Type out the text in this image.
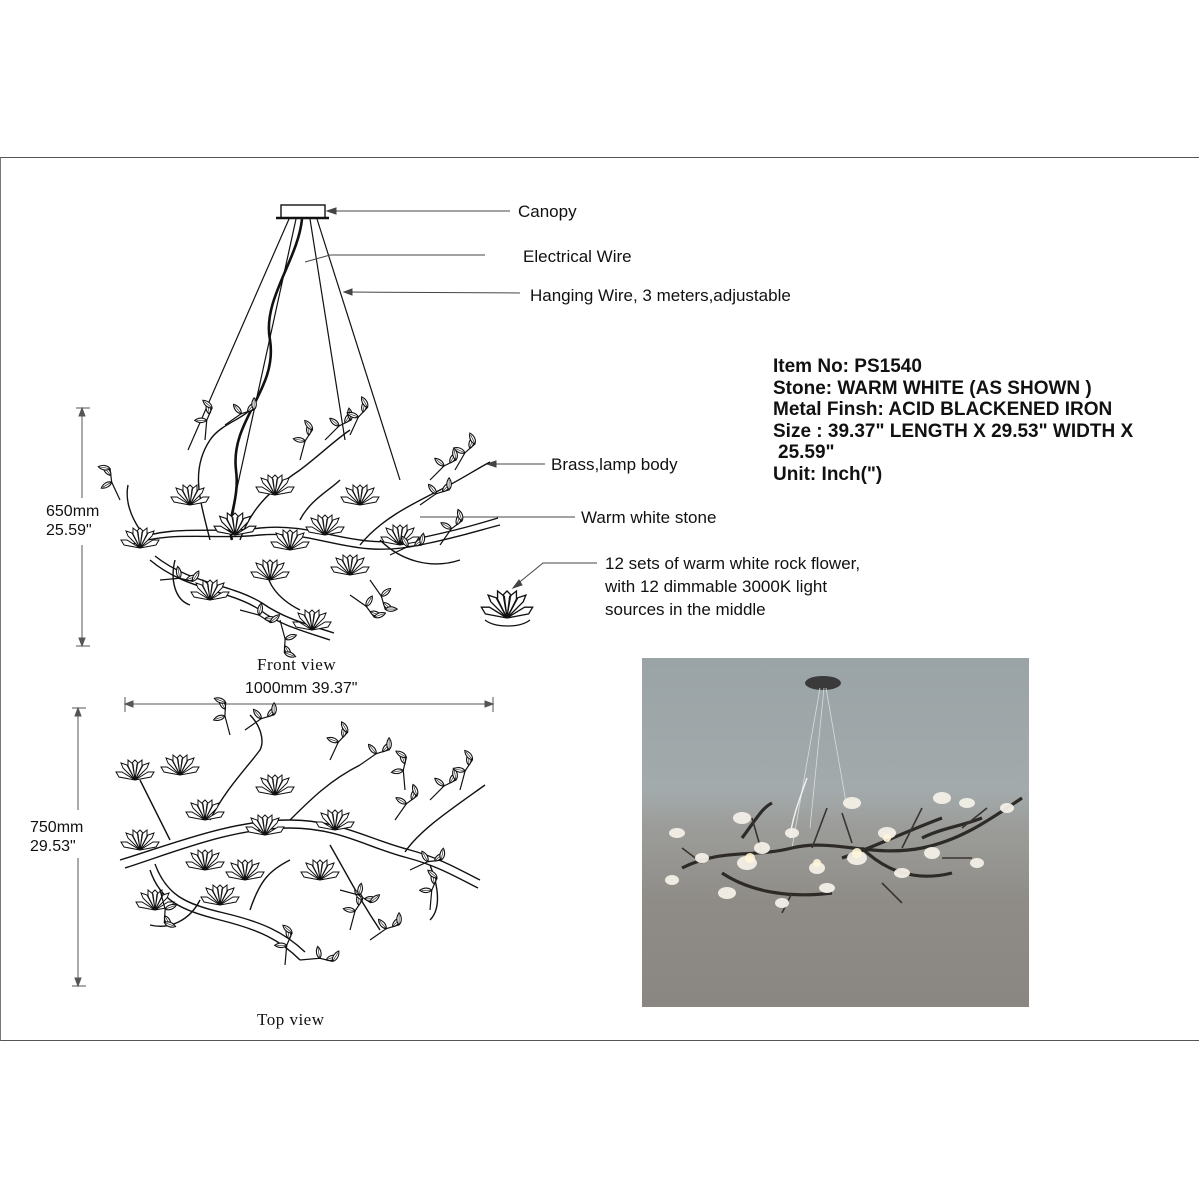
Canopy
Electrical Wire
Hanging Wire, 3 meters,adjustable
Brass,lamp body
Warm white stone
12 sets of warm white rock flower,
with 12 dimmable 3000K light
sources in the middle
Item No: PS1540
Stone: WARM WHITE (AS SHOWN )
Metal Finsh: ACID BLACKENED IRON
Size : 39.37" LENGTH X 29.53" WIDTH X
25.59"
Unit: Inch(")
650mm
25.59"
1000mm 39.37"
750mm
29.53"
Front view
Top view
